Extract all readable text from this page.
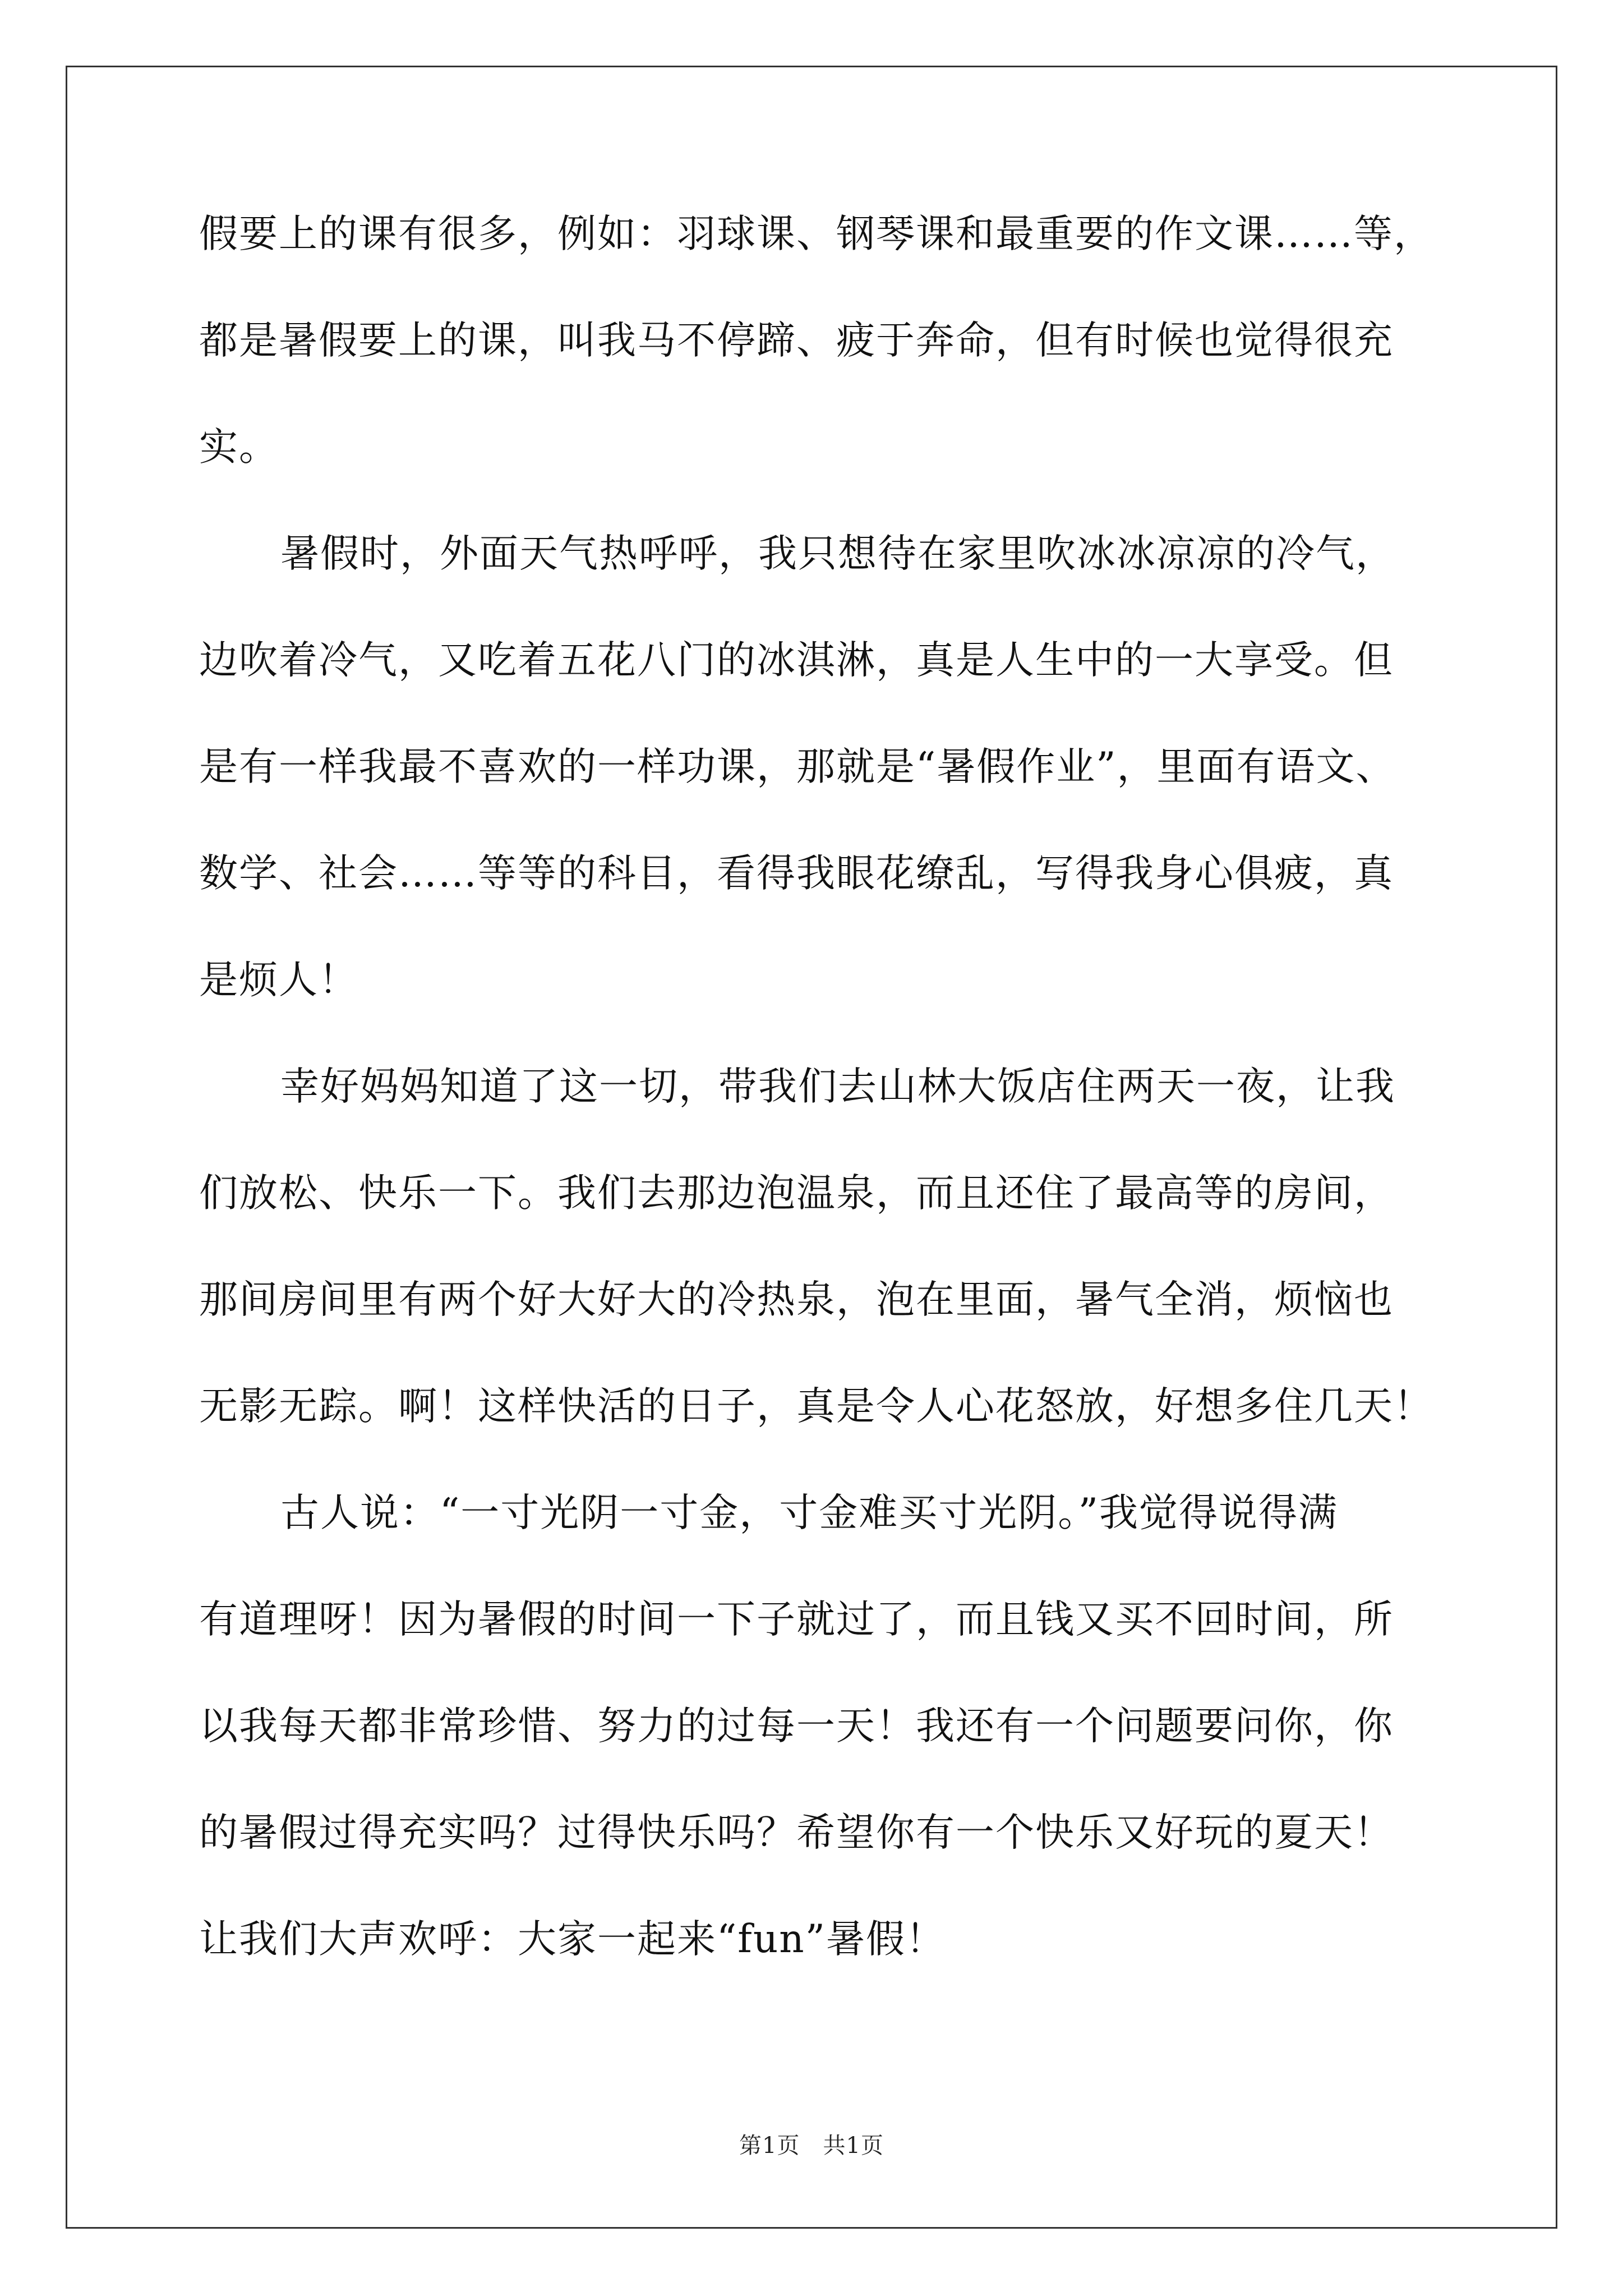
假要上的课有很多，例如：羽球课、钢琴课和最重要的作文课……等，
都是暑假要上的课，叫我马不停蹄、疲于奔命，但有时候也觉得很充
实。
暑假时，外面天气热呼呼，我只想待在家里吹冰冰凉凉的冷气，
边吹着冷气，又吃着五花八门的冰淇淋，真是人生中的一大享受。但
是有一样我最不喜欢的一样功课，那就是“暑假作业”，里面有语文、
数学、社会……等等的科目，看得我眼花缭乱，写得我身心俱疲，真
是烦人！
幸好妈妈知道了这一切，带我们去山林大饭店住两天一夜，让我
们放松、快乐一下。我们去那边泡温泉，而且还住了最高等的房间，
那间房间里有两个好大好大的冷热泉，泡在里面，暑气全消，烦恼也
无影无踪。啊！这样快活的日子，真是令人心花怒放，好想多住几天！
古人说：“一寸光阴一寸金，寸金难买寸光阴。”我觉得说得满
有道理呀！因为暑假的时间一下子就过了，而且钱又买不回时间，所
以我每天都非常珍惜、努力的过每一天！我还有一个问题要问你，你
的暑假过得充实吗？过得快乐吗？希望你有一个快乐又好玩的夏天！
让我们大声欢呼：大家一起来“fun”暑假！
第1页　共1页
